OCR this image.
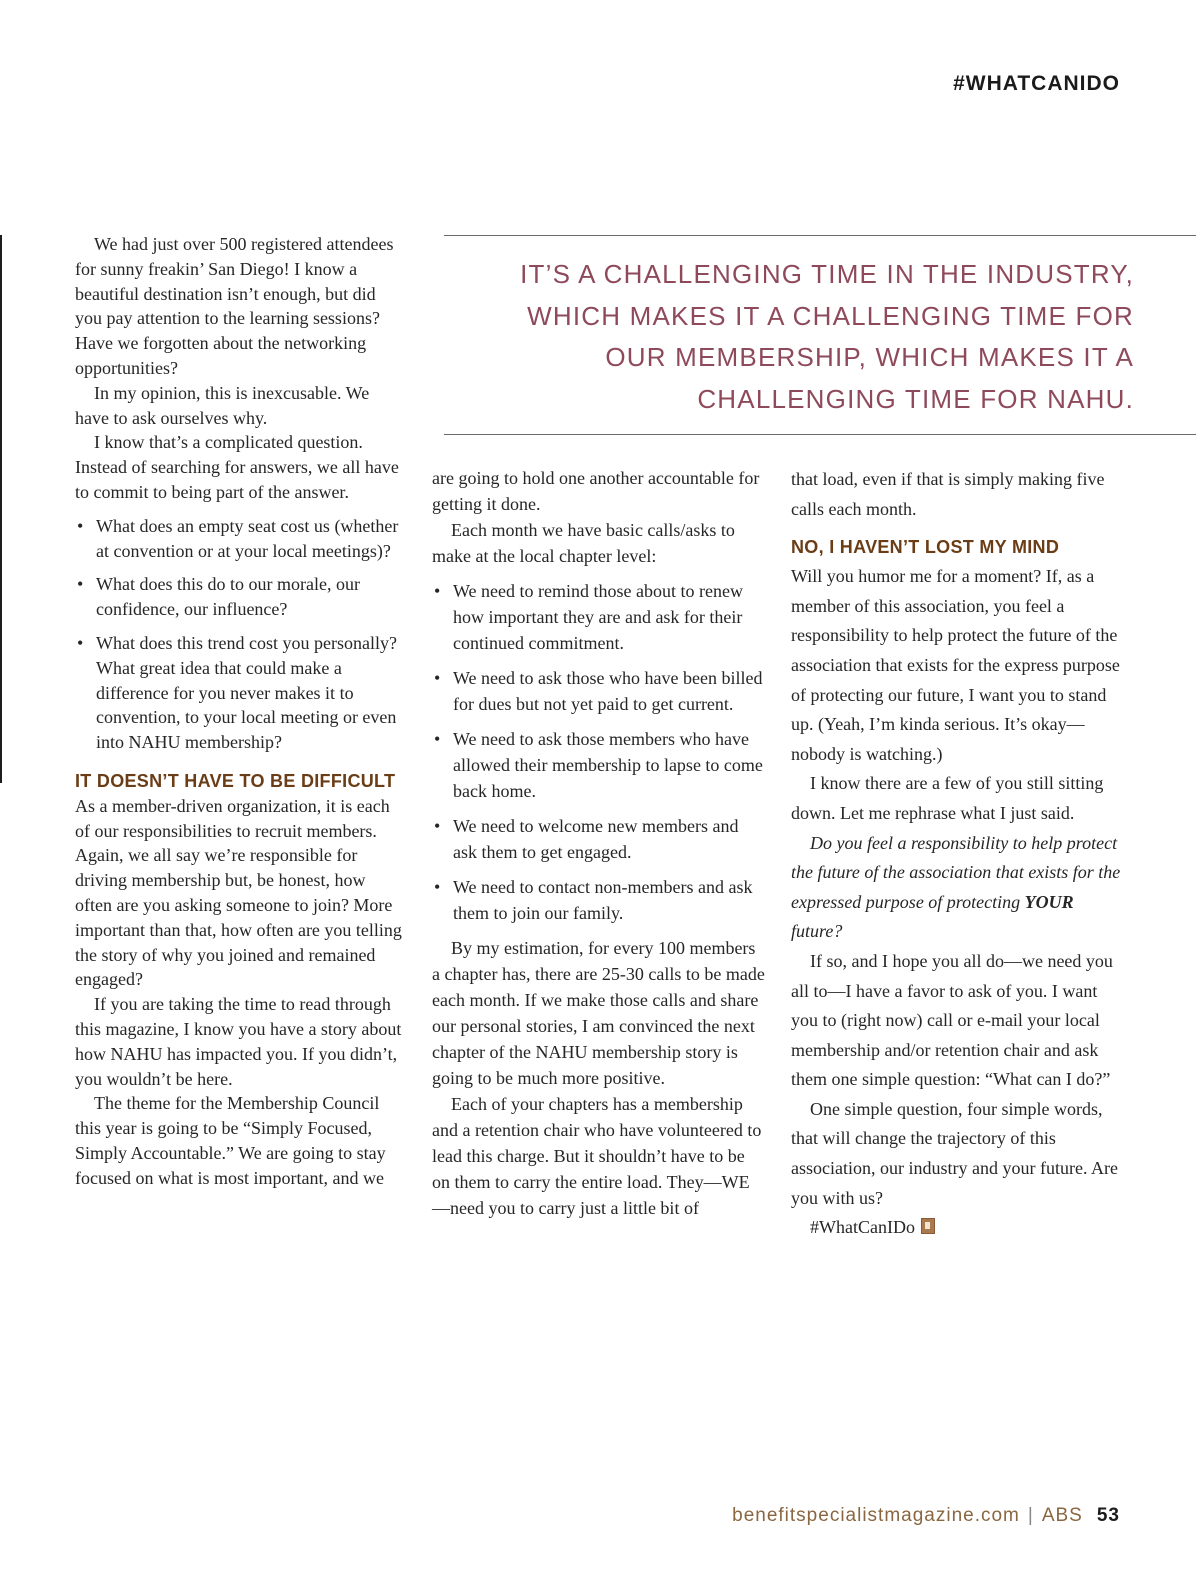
#WHATCANIDO

IT’S A CHALLENGING TIME IN THE INDUSTRY, WHICH MAKES IT A CHALLENGING TIME FOR OUR MEMBERSHIP, WHICH MAKES IT A CHALLENGING TIME FOR NAHU.

We had just over 500 registered attendees for sunny freakin’ San Diego! I know a beautiful destination isn’t enough, but did you pay attention to the learning sessions? Have we forgotten about the networking opportunities?

In my opinion, this is inexcusable. We have to ask ourselves why.

I know that’s a complicated question. Instead of searching for answers, we all have to commit to being part of the answer.

• What does an empty seat cost us (whether at convention or at your local meetings)?
• What does this do to our morale, our confidence, our influence?
• What does this trend cost you personally? What great idea that could make a difference for you never makes it to convention, to your local meeting or even into NAHU membership?
IT DOESN’T HAVE TO BE DIFFICULT

As a member-driven organization, it is each of our responsibilities to recruit members. Again, we all say we’re responsible for driving membership but, be honest, how often are you asking someone to join? More important than that, how often are you telling the story of why you joined and remained engaged?

If you are taking the time to read through this magazine, I know you have a story about how NAHU has impacted you. If you didn’t, you wouldn’t be here.

The theme for the Membership Council this year is going to be “Simply Focused, Simply Accountable.” We are going to stay focused on what is most important, and we

are going to hold one another accountable for getting it done.

Each month we have basic calls/asks to make at the local chapter level:

• We need to remind those about to renew how important they are and ask for their continued commitment.
• We need to ask those who have been billed for dues but not yet paid to get current.
• We need to ask those members who have allowed their membership to lapse to come back home.
• We need to welcome new members and ask them to get engaged.
• We need to contact non-members and ask them to join our family.

By my estimation, for every 100 members a chapter has, there are 25-30 calls to be made each month. If we make those calls and share our personal stories, I am convinced the next chapter of the NAHU membership story is going to be much more positive.

Each of your chapters has a membership and a retention chair who have volunteered to lead this charge. But it shouldn’t have to be on them to carry the entire load. They—WE—need you to carry just a little bit of

that load, even if that is simply making five calls each month.

NO, I HAVEN’T LOST MY MIND

Will you humor me for a moment? If, as a member of this association, you feel a responsibility to help protect the future of the association that exists for the express purpose of protecting our future, I want you to stand up. (Yeah, I’m kinda serious. It’s okay—nobody is watching.)

I know there are a few of you still sitting down. Let me rephrase what I just said.

Do you feel a responsibility to help protect the future of the association that exists for the expressed purpose of protecting YOUR future?

If so, and I hope you all do—we need you all to—I have a favor to ask of you. I want you to (right now) call or e-mail your local membership and/or retention chair and ask them one simple question: “What can I do?”

One simple question, four simple words, that will change the trajectory of this association, our industry and your future. Are you with us?

#WhatCanIDo

benefitspecialistmagazine.com | ABS 53
